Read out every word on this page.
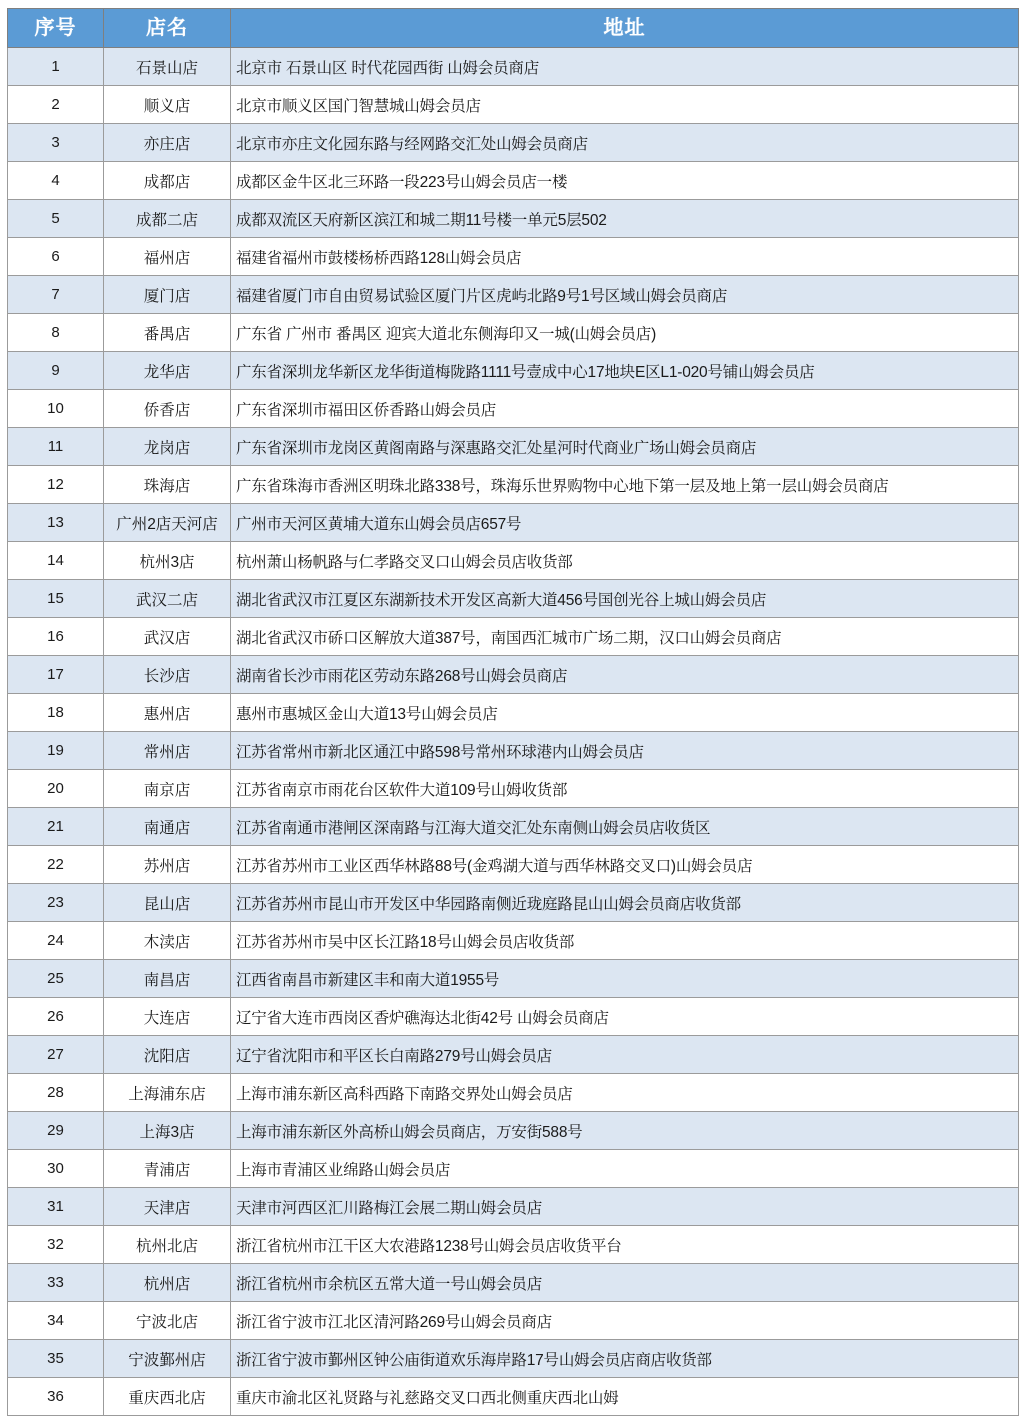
序号	店名	地址
1	石景山店	北京市 石景山区 时代花园西街 山姆会员商店
2	顺义店	北京市顺义区国门智慧城山姆会员店
3	亦庄店	北京市亦庄文化园东路与经网路交汇处山姆会员商店
4	成都店	成都区金牛区北三环路一段223号山姆会员店一楼
5	成都二店	成都双流区天府新区滨江和城二期11号楼一单元5层502
6	福州店	福建省福州市鼓楼杨桥西路128山姆会员店
7	厦门店	福建省厦门市自由贸易试验区厦门片区虎屿北路9号1号区域山姆会员商店
8	番禺店	广东省 广州市 番禺区 迎宾大道北东侧海印又一城(山姆会员店)
9	龙华店	广东省深圳龙华新区龙华街道梅陇路1111号壹成中心17地块E区L1-020号铺山姆会员店
10	侨香店	广东省深圳市福田区侨香路山姆会员店
11	龙岗店	广东省深圳市龙岗区黄阁南路与深惠路交汇处星河时代商业广场山姆会员商店
12	珠海店	广东省珠海市香洲区明珠北路338号，珠海乐世界购物中心地下第一层及地上第一层山姆会员商店
13	广州2店天河店	广州市天河区黄埔大道东山姆会员店657号
14	杭州3店	杭州萧山杨帆路与仁孝路交叉口山姆会员店收货部
15	武汉二店	湖北省武汉市江夏区东湖新技术开发区高新大道456号国创光谷上城山姆会员店
16	武汉店	湖北省武汉市硚口区解放大道387号，南国西汇城市广场二期，汉口山姆会员商店
17	长沙店	湖南省长沙市雨花区劳动东路268号山姆会员商店
18	惠州店	惠州市惠城区金山大道13号山姆会员店
19	常州店	江苏省常州市新北区通江中路598号常州环球港内山姆会员店
20	南京店	江苏省南京市雨花台区软件大道109号山姆收货部
21	南通店	江苏省南通市港闸区深南路与江海大道交汇处东南侧山姆会员店收货区
22	苏州店	江苏省苏州市工业区西华林路88号(金鸡湖大道与西华林路交叉口)山姆会员店
23	昆山店	江苏省苏州市昆山市开发区中华园路南侧近珑庭路昆山山姆会员商店收货部
24	木渎店	江苏省苏州市吴中区长江路18号山姆会员店收货部
25	南昌店	江西省南昌市新建区丰和南大道1955号
26	大连店	辽宁省大连市西岗区香炉礁海达北街42号 山姆会员商店
27	沈阳店	辽宁省沈阳市和平区长白南路279号山姆会员店
28	上海浦东店	上海市浦东新区高科西路下南路交界处山姆会员店
29	上海3店	上海市浦东新区外高桥山姆会员商店，万安街588号
30	青浦店	上海市青浦区业绵路山姆会员店
31	天津店	天津市河西区汇川路梅江会展二期山姆会员店
32	杭州北店	浙江省杭州市江干区大农港路1238号山姆会员店收货平台
33	杭州店	浙江省杭州市余杭区五常大道一号山姆会员店
34	宁波北店	浙江省宁波市江北区清河路269号山姆会员商店
35	宁波鄞州店	浙江省宁波市鄞州区钟公庙街道欢乐海岸路17号山姆会员店商店收货部
36	重庆西北店	重庆市渝北区礼贤路与礼慈路交叉口西北侧重庆西北山姆
